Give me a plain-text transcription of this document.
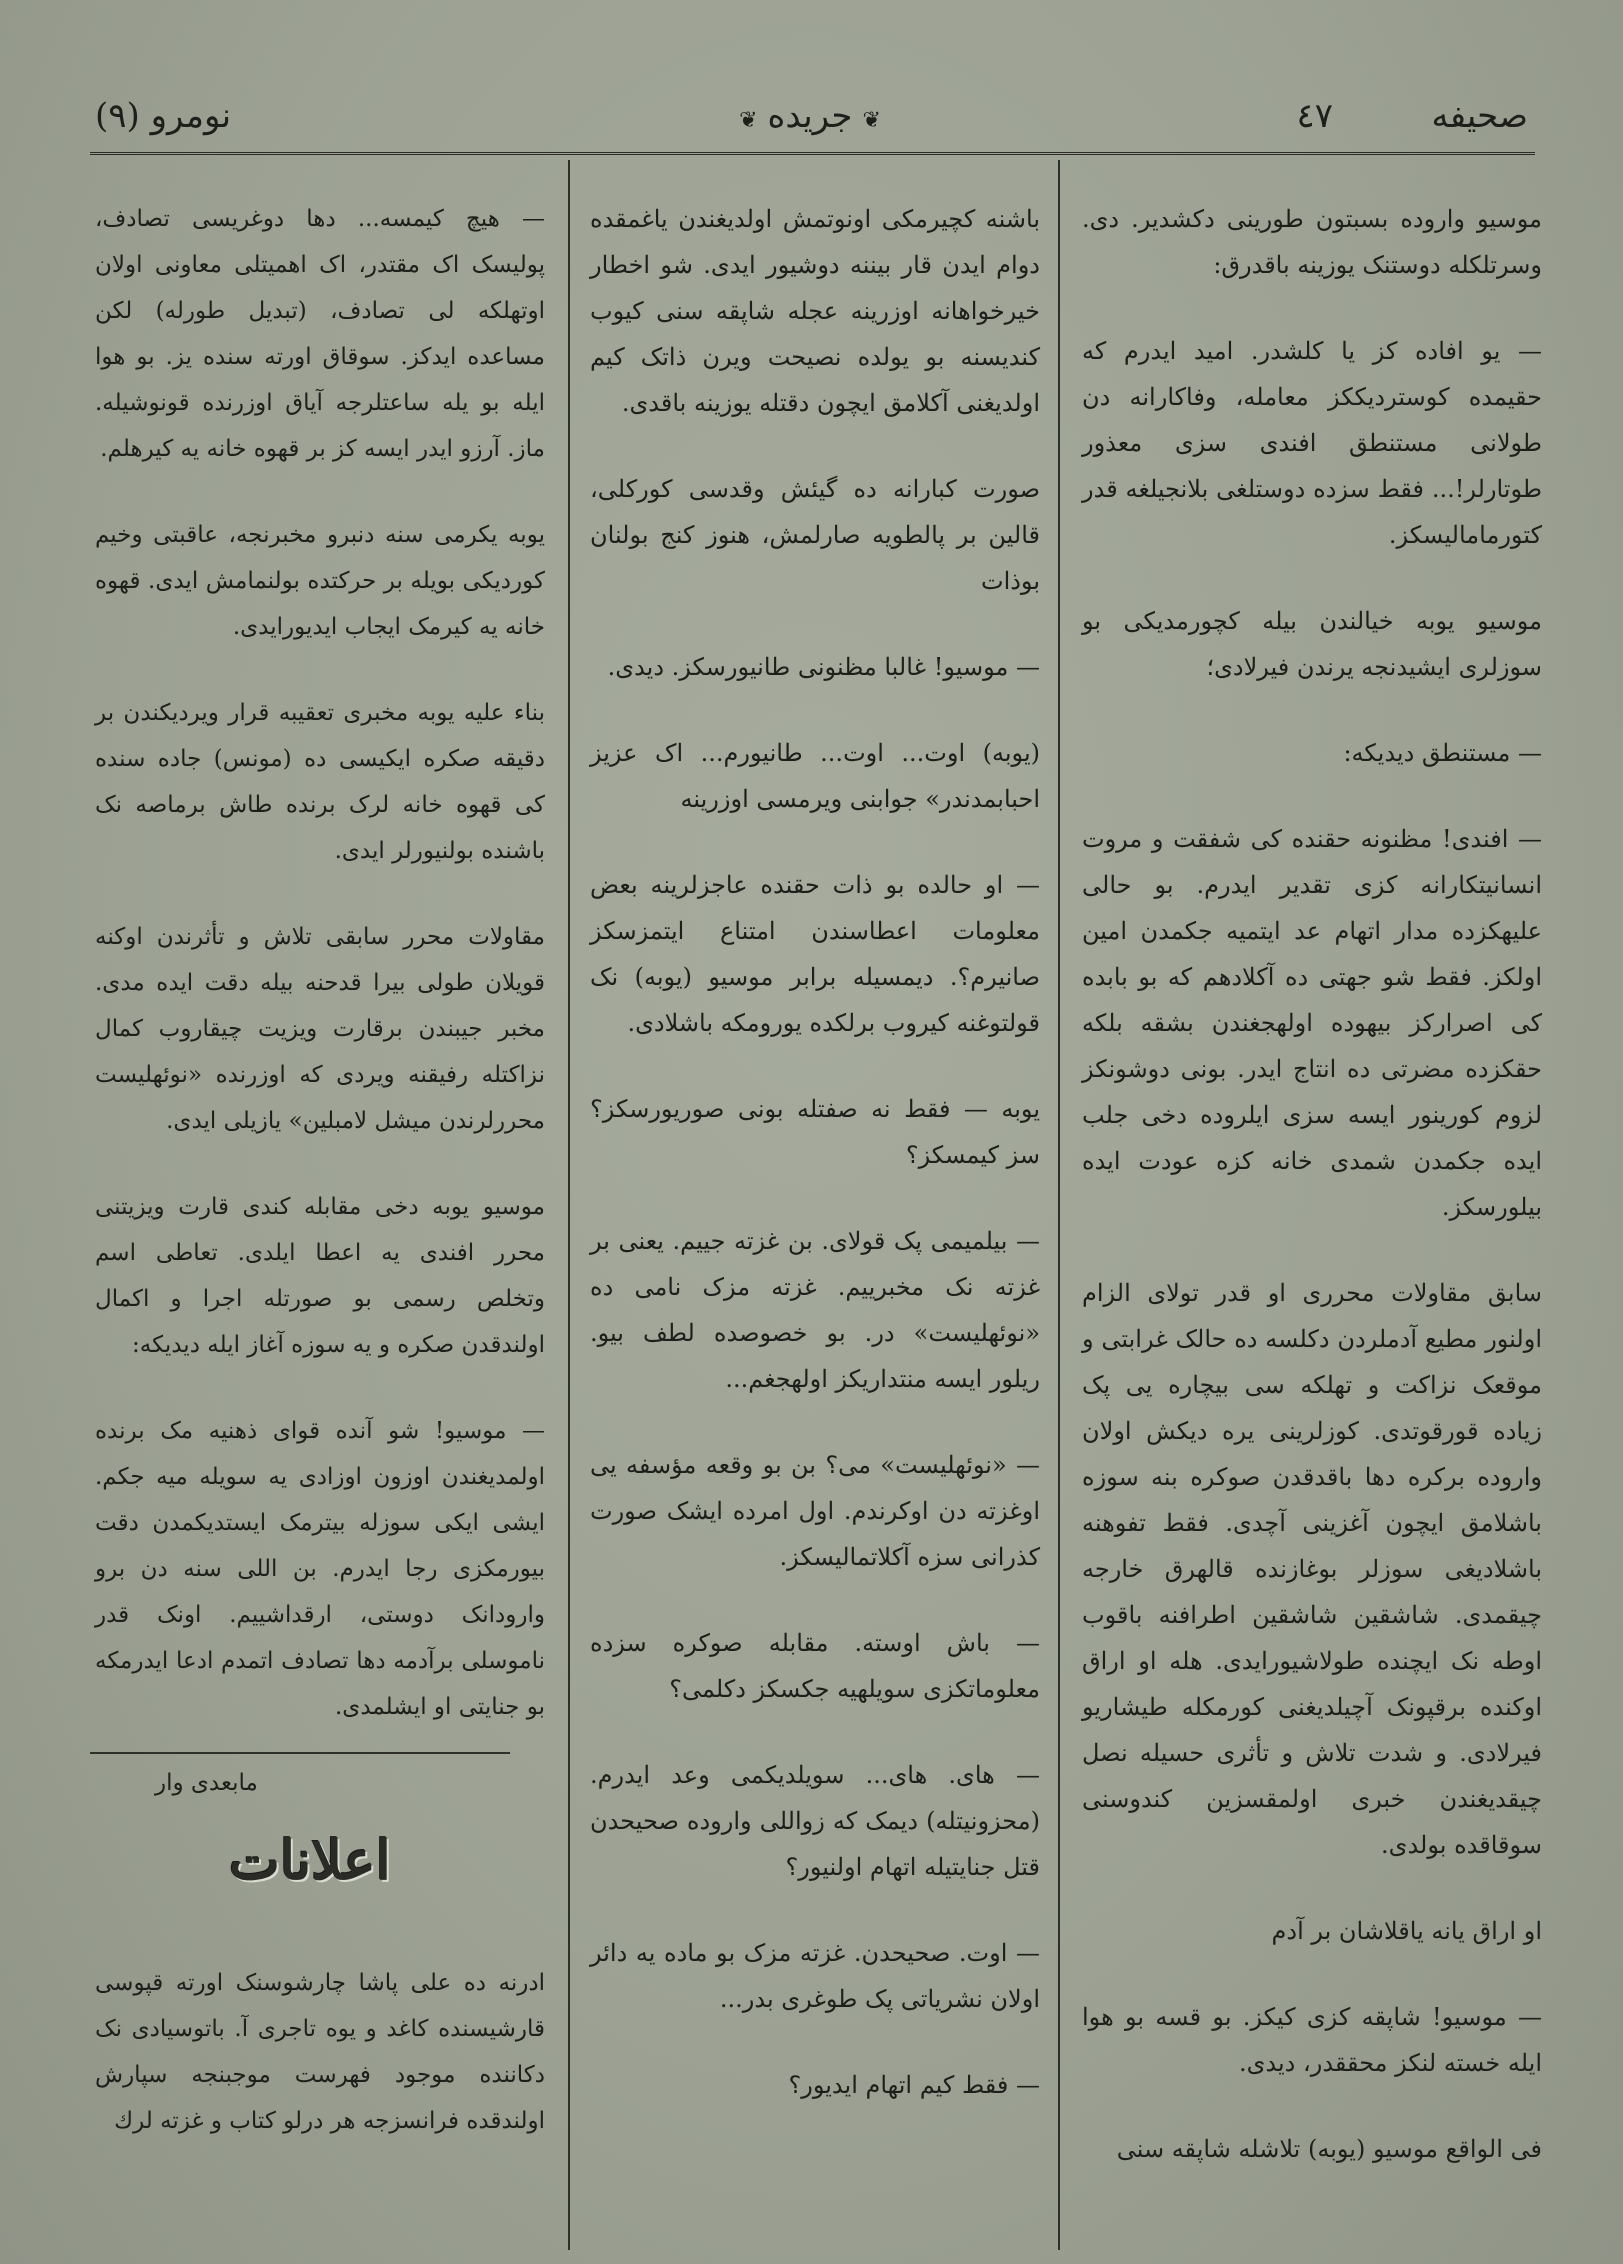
صحیفه
٤٧
❦جریده❦
نومرو (٩)

موسیو واروده بسبتون طورینی دکشدیر. دی. وسرتلکله دوستنک یوزینه باقدرق:

— یو افاده کز یا کلشدر. امید ایدرم که حقیمده کوستردیککز معامله، وفاکارانه دن طولانی مستنطق افندی سزی معذور طوتارلر!... فقط سزده دوستلغی بلانجیلغه قدر کتورمامالیسکز.

موسیو یوبه خیالندن بیله کچورمدیکی بو سوزلری ایشیدنجه یرندن فیرلادی؛

— مستنطق دیدیکه:

— افندی! مظنونه حقنده کی شفقت و مروت انسانیتکارانه کزی تقدیر ایدرم. بو حالی علیهکزده مدار اتهام عد ایتمیه جکمدن امین اولکز. فقط شو جهتی ده آکلادهم که بو بابده کی اصرارکز بیهوده اولهجغندن بشقه بلکه حقکزده مضرتی ده انتاج ایدر. بونی دوشونکز لزوم کورینور ایسه سزی ایلروده دخی جلب ایده جکمدن شمدی خانه کزه عودت ایده بیلورسکز.

سابق مقاولات محرری او قدر تولای الزام اولنور مطیع آدملردن دکلسه ده حالک غرابتی و موقعک نزاکت و تهلکه سی بیچاره یی پک زیاده قورقوتدی. کوزلرینی یره دیکش اولان واروده برکره دها باقدقدن صوکره بنه سوزه باشلامق ایچون آغزینی آچدی. فقط تفوهنه باشلادیغی سوزلر بوغازنده قالهرق خارجه چیقمدی. شاشقین شاشقین اطرافنه باقوب اوطه نک ایچنده طولاشیورایدی. هله او اراق اوکنده برقپونک آچیلدیغنی کورمکله طیشاریو فیرلادی. و شدت تلاش و تأثری حسیله نصل چیقدیغندن خبری اولمقسزین کندوسنی سوقاقده بولدی.

او اراق یانه یاقلاشان بر آدم

— موسیو! شاپقه کزی کیکز. بو قسه بو هوا ایله خسته لنکز محققدر، دیدی.

فی الواقع موسیو (یوبه) تلاشله شاپقه سنی

باشنه کچیرمکی اونوتمش اولدیغندن یاغمقده دوام ایدن قار بیننه دوشیور ایدی. شو اخطار خیرخواهانه اوزرینه عجله شاپقه سنی کیوب کندیسنه بو یولده نصیحت ویرن ذاتک کیم اولدیغنی آکلامق ایچون دقتله یوزینه باقدی.

صورت کبارانه ده گیئش وقدسی کورکلی، قالین بر پالطویه صارلمش، هنوز کنج بولنان بوذات

— موسیو! غالبا مظنونی طانیورسکز. دیدی.

(یوبه) اوت... اوت... طانیورم... اک عزیز احبابمدندر» جوابنی ویرمسی اوزرینه

— او حالده بو ذات حقنده عاجزلرینه بعض معلومات اعطاسندن امتناع ایتمزسکز صانیرم؟. دیمسیله برابر موسیو (یوبه) نک قولتوغنه کیروب برلکده یورومکه باشلادی.

یوبه — فقط نه صفتله بونی صوریورسکز؟ سز کیمسکز؟

— بیلمیمی پک قولای. بن غزته جییم. یعنی بر غزته نک مخبرییم. غزته مزک نامی ده «نوئهلیست» در. بو خصوصده لطف بیو. ریلور ایسه منتداریکز اولهجغم...

— «نوئهلیست» می؟ بن بو وقعه مؤسفه یی اوغزته دن اوکرندم. اول امرده ایشک صورت کذرانی سزه آکلاتمالیسکز.

— باش اوسته. مقابله صوکره سزده معلوماتکزی سویلهیه جکسکز دکلمی؟

— های. های... سویلدیکمی وعد ایدرم. (محزونیتله) دیمک که زواللی واروده صحیحدن قتل جنایتیله اتهام اولنیور؟

— اوت. صحیحدن. غزته مزک بو ماده یه دائر اولان نشریاتی پک طوغری بدر...

— فقط کیم اتهام ایدیور؟

— هیچ کیمسه... دها دوغریسی تصادف، پولیسک اک مقتدر، اک اهمیتلی معاونی اولان اوتهلکه لی تصادف، (تبدیل طورله) لکن مساعده ایدکز. سوقاق اورته سنده یز. بو هوا ایله بو یله ساعتلرجه آیاق اوزرنده قونوشیله. ماز. آرزو ایدر ایسه کز بر قهوه خانه یه کیرهلم.

یوبه یکرمی سنه دنبرو مخبرنجه، عاقبتی وخیم کوردیکی بویله بر حرکتده بولنمامش ایدی. قهوه خانه یه کیرمک ایجاب ایدیورایدی.

بناء علیه یوبه مخبری تعقیبه قرار ویردیکندن بر دقیقه صکره ایکیسی ده (مونس) جاده سنده کی قهوه خانه لرک برنده طاش برماصه نک باشنده بولنیورلر ایدی.

مقاولات محرر سابقی تلاش و تأثرندن اوکنه قویلان طولی بیرا قدحنه بیله دقت ایده مدی. مخبر جیبندن برقارت ویزیت چیقاروب کمال نزاکتله رفیقنه ویردی که اوزرنده «نوئهلیست محررلرندن میشل لامبلین» یازیلی ایدی.

موسیو یوبه دخی مقابله کندی قارت ویزیتنی محرر افندی یه اعطا ایلدی. تعاطی اسم وتخلص رسمی بو صورتله اجرا و اکمال اولندقدن صکره و یه سوزه آغاز ایله دیدیکه:

— موسیو! شو آنده قوای ذهنیه مک برنده اولمدیغندن اوزون اوزادی یه سویله میه جکم. ایشی ایکی سوزله بیترمک ایستدیکمدن دقت بیورمکزی رجا ایدرم. بن اللی سنه دن برو وارودانک دوستی، ارقداشییم. اونک قدر ناموسلی برآدمه دها تصادف اتمدم ادعا ایدرمکه بو جنایتی او ایشلمدی.

مابعدی وار

اعلانات

ادرنه ده علی پاشا چارشوسنک اورته قپوسی قارشیسنده کاغد و یوه تاجری آ. باتوسیادی نک دکاننده موجود فهرست موجبنجه سپارش اولندقده فرانسزجه هر درلو کتاب و غزته لرك
